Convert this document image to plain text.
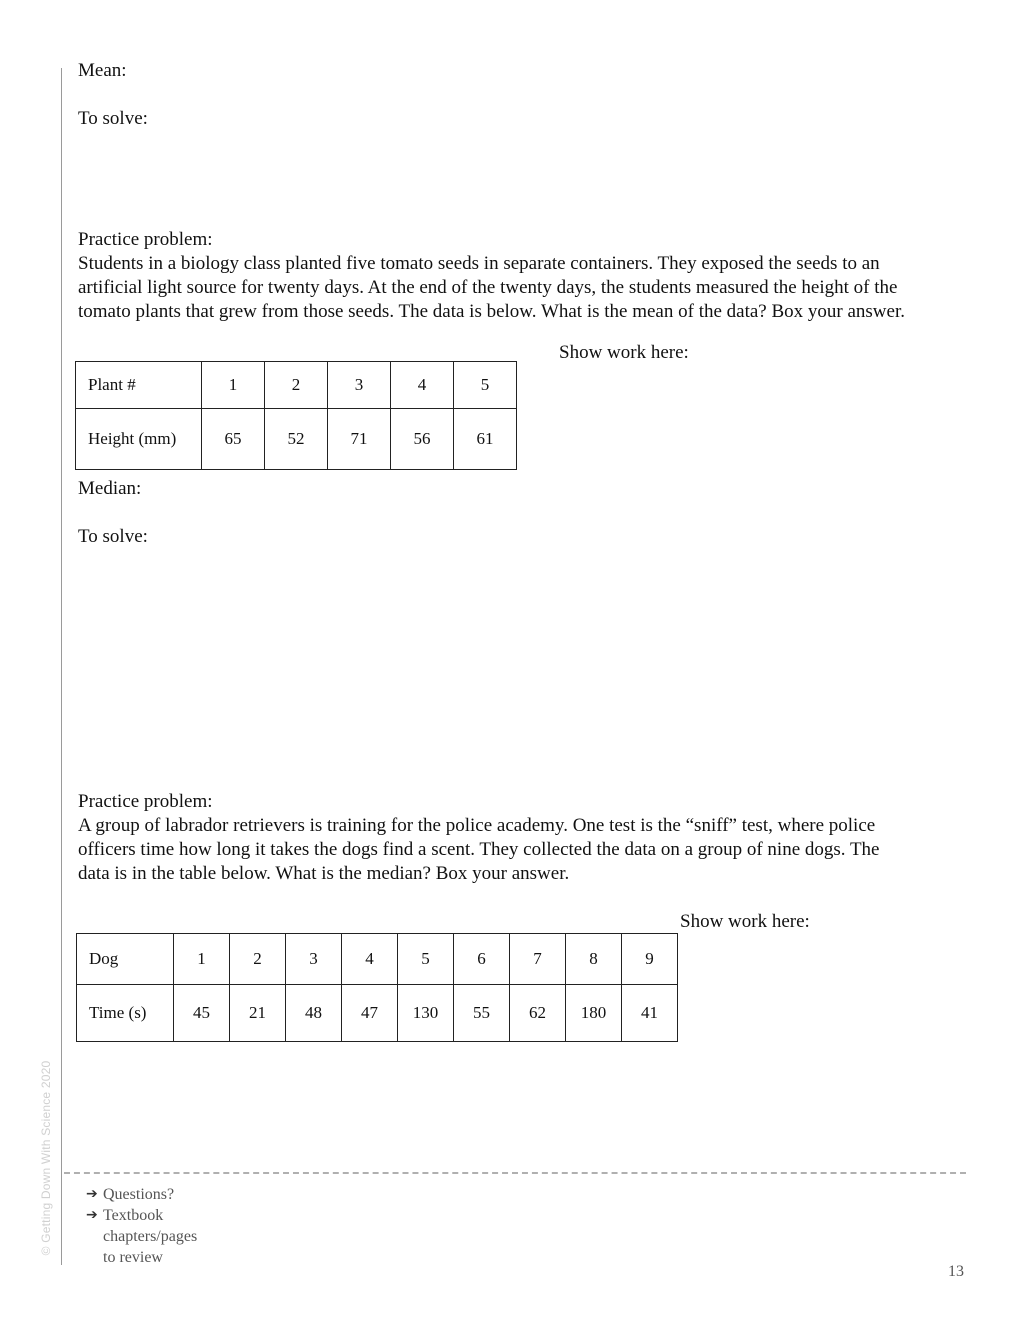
© Getting Down With Science 2020
Mean:
To solve:
Practice problem:
Students in a biology class planted five tomato seeds in separate containers. They exposed the seeds to an
artificial light source for twenty days. At the end of the twenty days, the students measured the height of the
tomato plants that grew from those seeds. The data is below. What is the mean of the data? Box your answer.
Show work here:
Plant #	1	2	3	4	5
Height (mm)	65	52	71	56	61
Median:
To solve:
Practice problem:
A group of labrador retrievers is training for the police academy. One test is the “sniff” test, where police
officers time how long it takes the dogs find a scent. They collected the data on a group of nine dogs. The
data is in the table below. What is the median? Box your answer.
Show work here:
Dog	1	2	3	4	5	6	7	8	9
Time (s)	45	21	48	47	130	55	62	180	41
➔ Questions?
➔ Textbook
chapters/pages
to review
13
